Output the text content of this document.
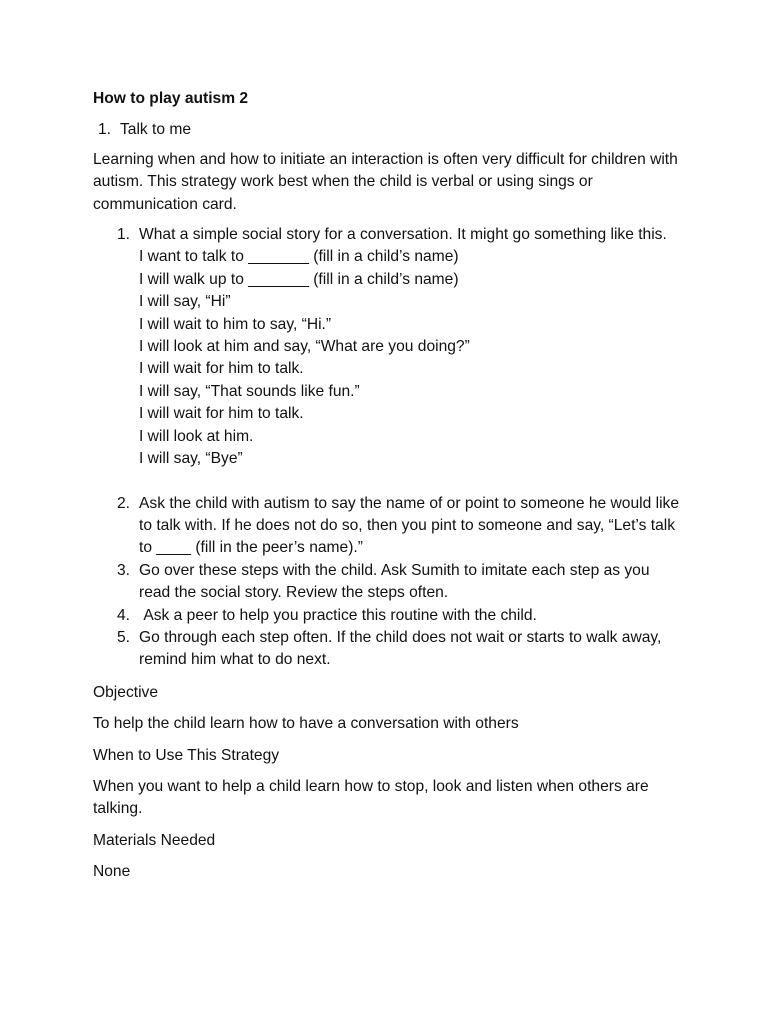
How to play autism 2
1. Talk to me

Learning when and how to initiate an interaction is often very difficult for children with autism. This strategy work best when the child is verbal or using sings or communication card.

1. What a simple social story for a conversation. It might go something like this.
I want to talk to _______ (fill in a child’s name)
I will walk up to _______ (fill in a child’s name)
I will say, “Hi”
I will wait to him to say, “Hi.”
I will look at him and say, “What are you doing?”
I will wait for him to talk.
I will say, “That sounds like fun.”
I will wait for him to talk.
I will look at him.
I will say, “Bye”
2. Ask the child with autism to say the name of or point to someone he would like to talk with. If he does not do so, then you pint to someone and say, “Let’s talk to ____ (fill in the peer’s name).”
3. Go over these steps with the child. Ask Sumith to imitate each step as you read the social story. Review the steps often.
4. Ask a peer to help you practice this routine with the child.
5. Go through each step often. If the child does not wait or starts to walk away, remind him what to do next.

Objective

To help the child learn how to have a conversation with others

When to Use This Strategy

When you want to help a child learn how to stop, look and listen when others are talking.

Materials Needed

None
